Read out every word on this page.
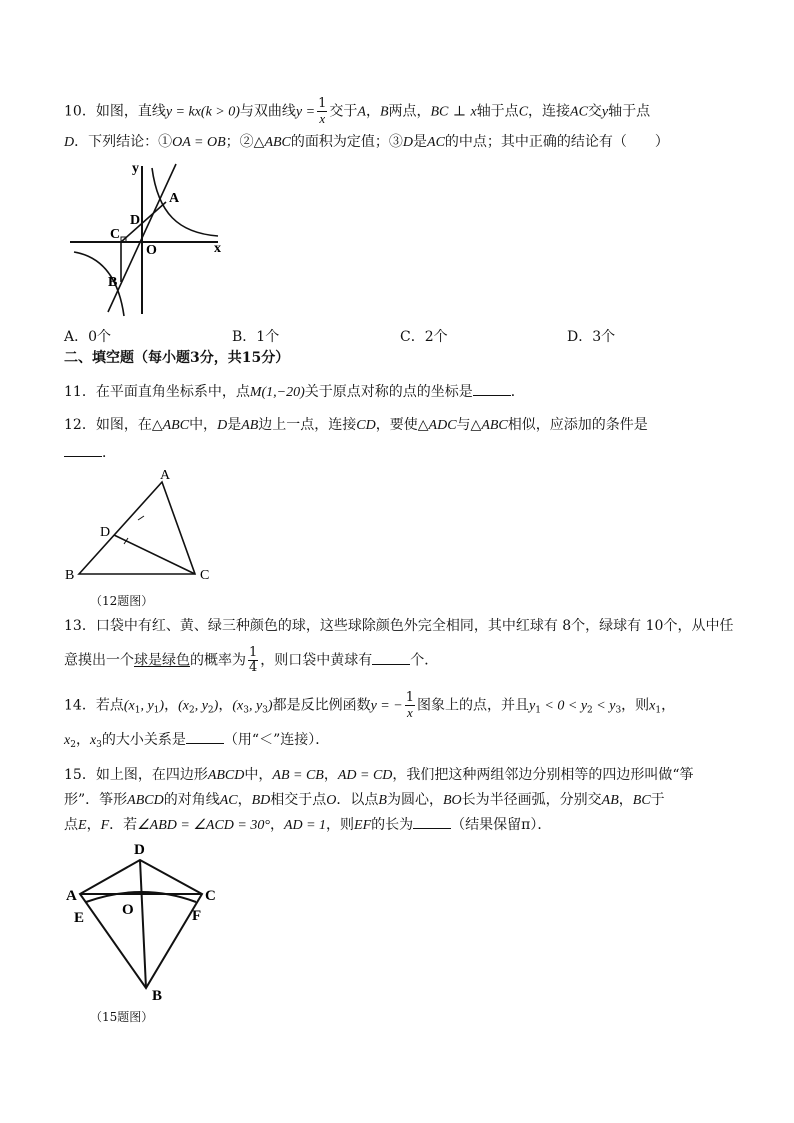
10．如图，直线y = kx(k > 0)与双曲线$y = \frac{1}{x}$ 交于A，B两点，BC ⊥ x轴于点C，连接AC交y轴于点
D．下列结论：①OA = OB；②△ABC的面积为定值；③D是AC的中点；其中正确的结论有（　　）
y
x
O
A
B
C
D
A．0个	B．1个	C．2个	D．3个
二、填空题（每小题3分，共15分）
11．在平面直角坐标系中，点M(1,−20)关于原点对称的点的坐标是	．
12．如图，在△ABC中，D是AB边上一点，连接CD，要使△ADC与△ABC相似，应添加的条件是
．
A
B	C
D
（12题图）
13．口袋中有红、黄、绿三种颜色的球，这些球除颜色外完全相同，其中红球有 8个，绿球有 10个，从中任
意摸出一个球是绿色的概率为 $\frac{1}{4}$ ，则口袋中黄球有	个．
14．若点($x_1$, $y_1$)，($x_2$, $y_2$)，($x_3$, $y_3$)都是反比例函数y = − $\frac{1}{x}$ 图象上的点，并且$y_1 < 0 < y_2 < y_3$，则$x_1$，
$x_2$，$x_3$的大小关系是	（用“＜”连接）．
15．如上图，在四边形ABCD中，AB = CB，AD = CD，我们把这种两组邻边分别相等的四边形叫做“筝
形”．筝形ABCD的对角线AC，BD相交于点O．以点B为圆心，BO长为半径画弧，分别交AB，BC于
点E，F．若∠ABD = ∠ACD = 30°，AD = 1，则EF的长为	（结果保留π）．
D
A	C
E	F
O
B
（15题图）
